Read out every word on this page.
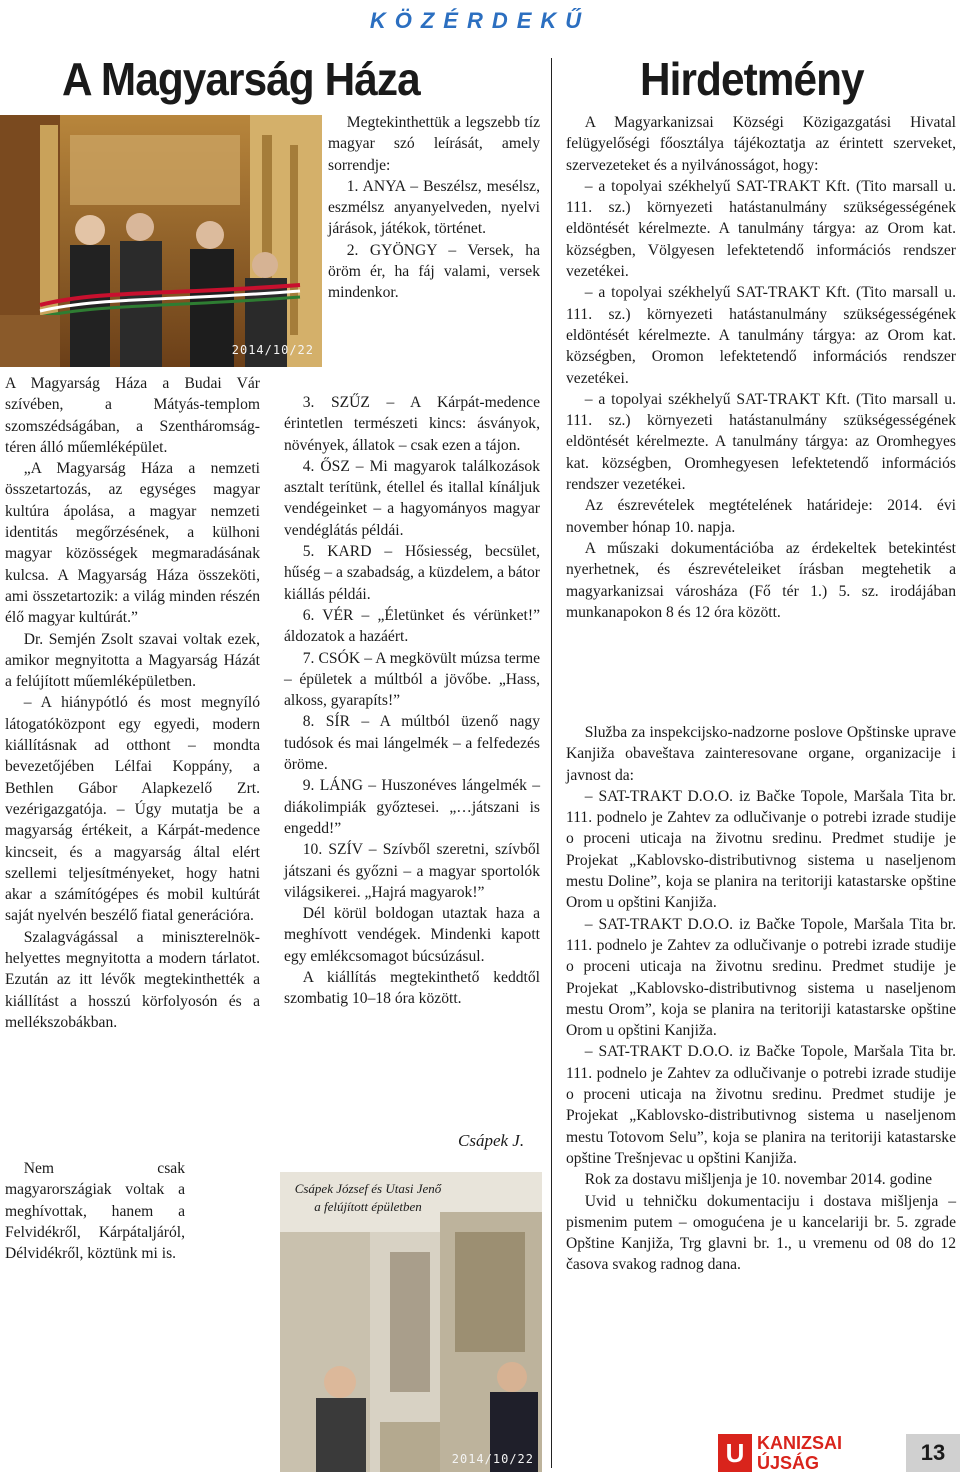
KÖZÉRDEKŰ
A Magyarság Háza
2014/10/22

A Magyarság Háza a Budai Vár szívében, a Mátyás-templom szomszédságában, a Szentháromság-téren álló műemléképület.

„A Magyarság Háza a nemzeti összetartozás, az egységes magyar kultúra ápolása, a magyar nemzeti identitás megőrzésének, a külhoni magyar közösségek megmaradásának kulcsa. A Magyarság Háza összeköti, ami összetartozik: a világ minden részén élő magyar kultúrát.”

Dr. Semjén Zsolt szavai voltak ezek, amikor megnyitotta a Magyarság Házát a felújított műemléképületben.

– A hiánypótló és most megnyíló látogatóközpont egy egyedi, modern kiállításnak ad otthont – mondta bevezetőjében Lélfai Koppány, a Bethlen Gábor Alapkezelő Zrt. vezérigazgatója. – Úgy mutatja be a magyarság értékeit, a Kárpát-medence kincseit, és a magyarság által elért szellemi teljesítményeket, hogy hatni akar a számítógépes és mobil kultúrát saját nyelvén beszélő fiatal generációra.

Szalagvágással a miniszterelnök-helyettes megnyitotta a modern tárlatot. Ezután az itt lévők megtekinthették a kiállítást a hosszú körfolyosón és a mellékszobákban.

Nem csak magyarországiak voltak a meghívottak, hanem a Felvidékről, Kárpátaljáról, Délvidékről, köztünk mi is.

Megtekinthettük a legszebb tíz magyar szó leírását, amely sorrendje:

1. ANYA – Beszélsz, mesélsz, eszmélsz anyanyelveden, nyelvi járások, játékok, történet.

2. GYÖNGY – Versek, ha öröm ér, ha fáj valami, versek mindenkor.

3. SZŰZ – A Kárpát-medence érintetlen természeti kincs: ásványok, növények, állatok – csak ezen a tájon.

4. ŐSZ – Mi magyarok találkozások asztalt terítünk, étellel és itallal kínáljuk vendégeinket – a hagyományos magyar vendéglátás példái.

5. KARD – Hősiesség, becsület, hűség – a szabadság, a küzdelem, a bátor kiállás példái.

6. VÉR – „Életünket és vérünket!” áldozatok a hazáért.

7. CSÓK – A megkövült múzsa terme – épületek a múltból a jövőbe. „Hass, alkoss, gyarapíts!”

8. SÍR – A múltból üzenő nagy tudósok és mai lángelmék – a felfedezés öröme.

9. LÁNG – Huszonéves lángelmék – diákolimpiák győztesei. „…játszani is engedd!”

10. SZÍV – Szívből szeretni, szívből játszani és győzni – a magyar sportolók világsikerei. „Hajrá magyarok!”

Dél körül boldogan utaztak haza a meghívott vendégek. Mindenki kapott egy emlékcsomagot búcsúzásul.

A kiállítás megtekinthető keddtől szombatig 10–18 óra között.

Csápek J.
Csápek József és Utasi Jenő
a felújított épületben
2014/10/22
Hirdetmény

A Magyarkanizsai Községi Közigazgatási Hivatal felügyelőségi főosztálya tájékoztatja az érintett szerveket, szervezeteket és a nyilvánosságot, hogy:

– a topolyai székhelyű SAT-TRAKT Kft. (Tito marsall u. 111. sz.) környezeti hatástanulmány szükségességének eldöntését kérelmezte. A tanulmány tárgya: az Orom kat. községben, Völgyesen lefektetendő információs rendszer vezetékei.

– a topolyai székhelyű SAT-TRAKT Kft. (Tito marsall u. 111. sz.) környezeti hatástanulmány szükségességének eldöntését kérelmezte. A tanulmány tárgya: az Orom kat. községben, Oromon lefektetendő információs rendszer vezetékei.

– a topolyai székhelyű SAT-TRAKT Kft. (Tito marsall u. 111. sz.) környezeti hatástanulmány szükségességének eldöntését kérelmezte. A tanulmány tárgya: az Oromhegyes kat. községben, Oromhegyesen lefektetendő információs rendszer vezetékei.

Az észrevételek megtételének határideje: 2014. évi november hónap 10. napja.

A műszaki dokumentációba az érdekeltek betekintést nyerhetnek, és észrevételeiket írásban megtehetik a magyarkanizsai városháza (Fő tér 1.) 5. sz. irodájában munkanapokon 8 és 12 óra között.

Služba za inspekcijsko-nadzorne poslove Opštinske uprave Kanjiža obaveštava zainteresovane organe, organizacije i javnost da:

– SAT-TRAKT D.O.O. iz Bačke Topole, Maršala Tita br. 111. podnelo je Zahtev za odlučivanje o potrebi izrade studije o proceni uticaja na životnu sredinu. Predmet studije je Projekat „Kablovsko-distributivnog sistema u naseljenom mestu Doline”, koja se planira na teritoriji katastarske opštine Orom u opštini Kanjiža.

– SAT-TRAKT D.O.O. iz Bačke Topole, Maršala Tita br. 111. podnelo je Zahtev za odlučivanje o potrebi izrade studije o proceni uticaja na životnu sredinu. Predmet studije je Projekat „Kablovsko-distributivnog sistema u naseljenom mestu Orom”, koja se planira na teritoriji katastarske opštine Orom u opštini Kanjiža.

– SAT-TRAKT D.O.O. iz Bačke Topole, Maršala Tita br. 111. podnelo je Zahtev za odlučivanje o potrebi izrade studije o proceni uticaja na životnu sredinu. Predmet studije je Projekat „Kablovsko-distributivnog sistema u naseljenom mestu Totovom Selu”, koja se planira na teritoriji katastarske opštine Trešnjevac u opštini Kanjiža.

Rok za dostavu mišljenja je 10. novembar 2014. godine

Uvid u tehničku dokumentaciju i dostava mišljenja – pismenim putem – omogućena je u kancelariji br. 5. zgrade Opštine Kanjiža, Trg glavni br. 1., u vremenu od 08 do 12 časova svakog radnog dana.

U KANIZSAI
ÚJSÁG	13
